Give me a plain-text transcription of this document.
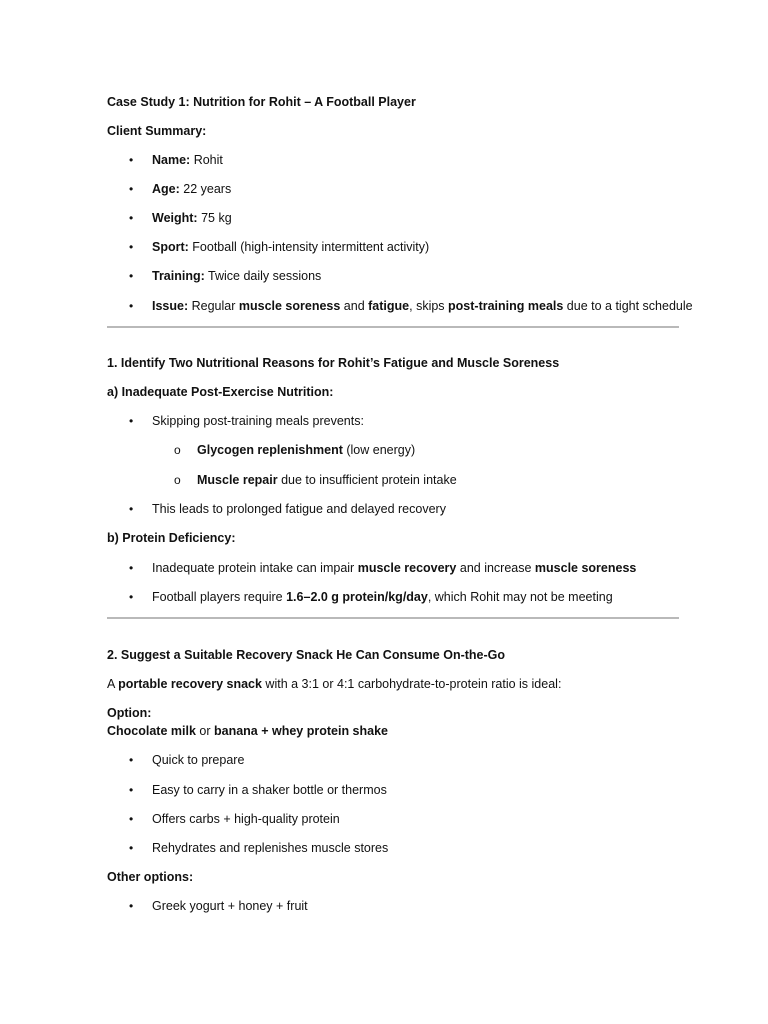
Case Study 1: Nutrition for Rohit – A Football Player
Client Summary:
• Name: Rohit
• Age: 22 years
• Weight: 75 kg
• Sport: Football (high-intensity intermittent activity)
• Training: Twice daily sessions
• Issue: Regular muscle soreness and fatigue, skips post-training meals due to a tight schedule
1. Identify Two Nutritional Reasons for Rohit’s Fatigue and Muscle Soreness
a) Inadequate Post-Exercise Nutrition:
• Skipping post-training meals prevents:
o Glycogen replenishment (low energy)
o Muscle repair due to insufficient protein intake
• This leads to prolonged fatigue and delayed recovery
b) Protein Deficiency:
• Inadequate protein intake can impair muscle recovery and increase muscle soreness
• Football players require 1.6–2.0 g protein/kg/day, which Rohit may not be meeting
2. Suggest a Suitable Recovery Snack He Can Consume On-the-Go
A portable recovery snack with a 3:1 or 4:1 carbohydrate-to-protein ratio is ideal:
Option:
Chocolate milk or banana + whey protein shake
• Quick to prepare
• Easy to carry in a shaker bottle or thermos
• Offers carbs + high-quality protein
• Rehydrates and replenishes muscle stores
Other options:
• Greek yogurt + honey + fruit
